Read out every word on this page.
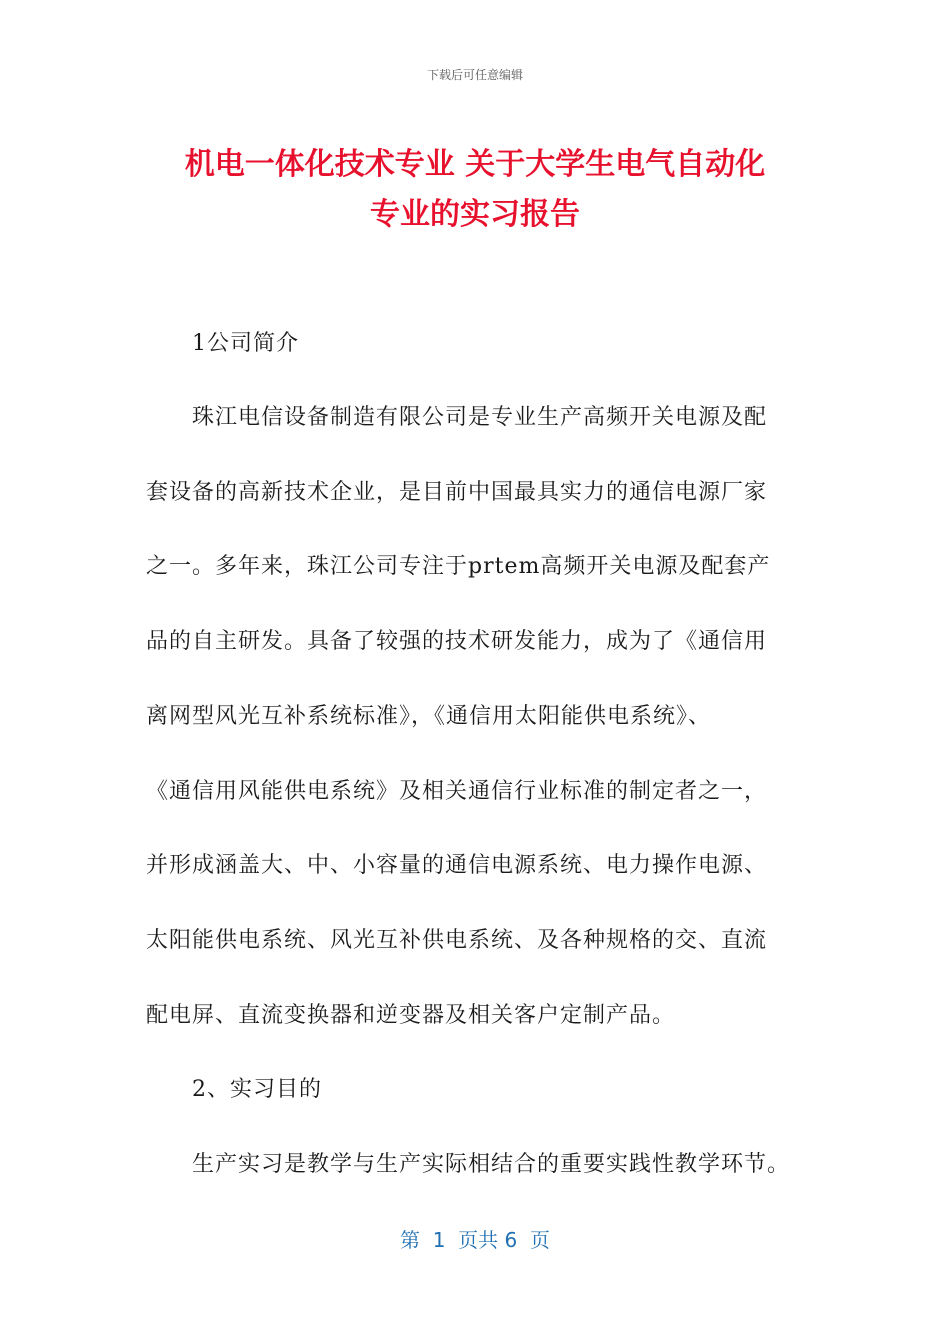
下载后可任意编辑
机电一体化技术专业 关于大学生电气自动化
专业的实习报告
1公司简介
珠江电信设备制造有限公司是专业生产高频开关电源及配
套设备的高新技术企业，是目前中国最具实力的通信电源厂家
之一。多年来，珠江公司专注于prtem高频开关电源及配套产
品的自主研发。具备了较强的技术研发能力，成为了《通信用
离网型风光互补系统标准》，《通信用太阳能供电系统》、
《通信用风能供电系统》及相关通信行业标准的制定者之一，
并形成涵盖大、中、小容量的通信电源系统、电力操作电源、
太阳能供电系统、风光互补供电系统、及各种规格的交、直流
配电屏、直流变换器和逆变器及相关客户定制产品。
2、实习目的
生产实习是教学与生产实际相结合的重要实践性教学环节。
第  1  页共 6  页
